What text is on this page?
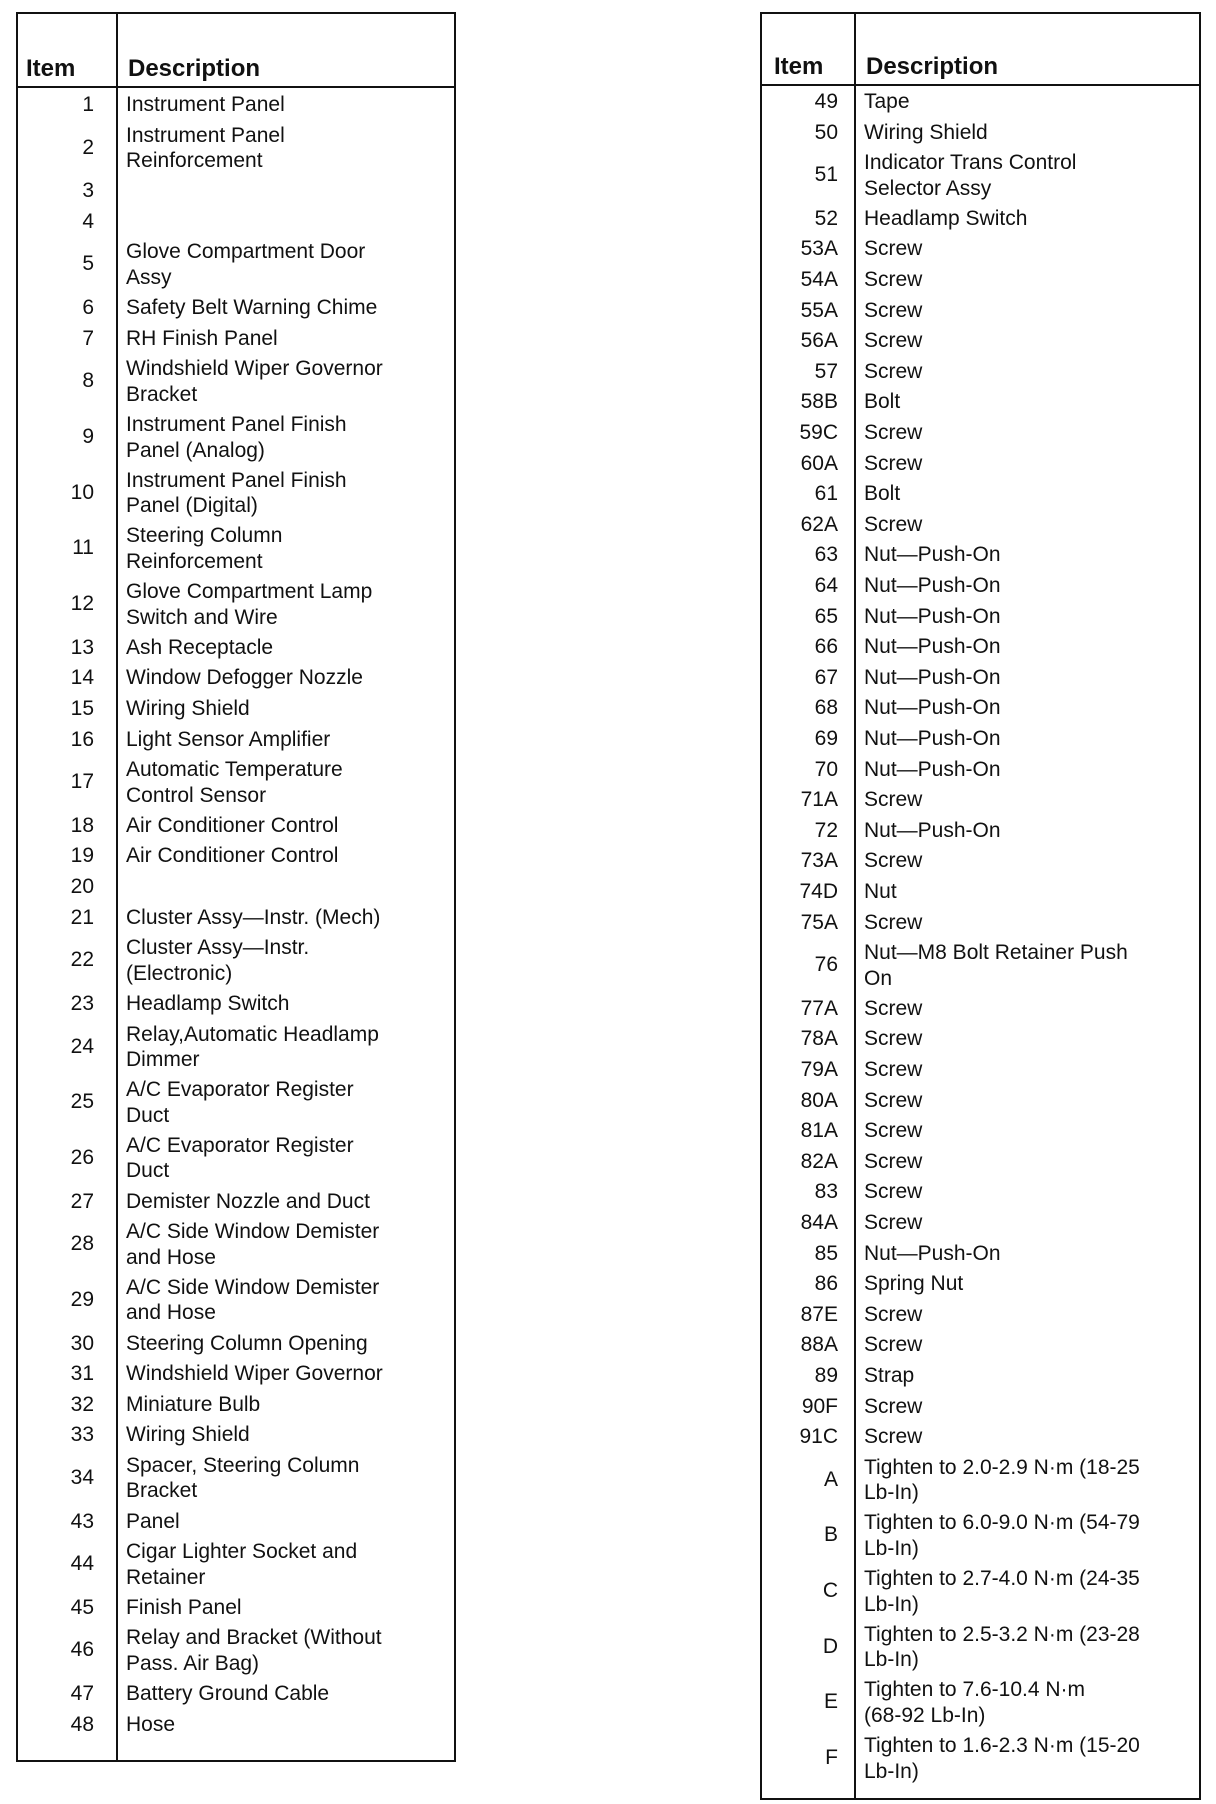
Item Description
1 Instrument Panel
2
Instrument Panel
Reinforcement
3
4
5
Glove Compartment Door
Assy
6 Safety Belt Warning Chime
7 RH Finish Panel
8
Windshield Wiper Governor
Bracket
9
Instrument Panel Finish
Panel (Analog)
10
Instrument Panel Finish
Panel (Digital)
11
Steering Column
Reinforcement
12
Glove Compartment Lamp
Switch and Wire
13 Ash Receptacle
14 Window Defogger Nozzle
15 Wiring Shield
16 Light Sensor Amplifier
17
Automatic Temperature
Control Sensor
18 Air Conditioner Control
19 Air Conditioner Control
20
21 Cluster Assy—Instr. (Mech)
22
Cluster Assy—Instr.
(Electronic)
23 Headlamp Switch
24
Relay,Automatic Headlamp
Dimmer
25
A/C Evaporator Register
Duct
26
A/C Evaporator Register
Duct
27 Demister Nozzle and Duct
28
A/C Side Window Demister
and Hose
29
A/C Side Window Demister
and Hose
30 Steering Column Opening
31 Windshield Wiper Governor
32 Miniature Bulb
33 Wiring Shield
34
Spacer, Steering Column
Bracket
43 Panel
44
Cigar Lighter Socket and
Retainer
45 Finish Panel
46
Relay and Bracket (Without
Pass. Air Bag)
47 Battery Ground Cable
48 Hose
Item Description
49 Tape
50 Wiring Shield
51
Indicator Trans Control
Selector Assy
52 Headlamp Switch
53A Screw
54A Screw
55A Screw
56A Screw
57 Screw
58B Bolt
59C Screw
60A Screw
61 Bolt
62A Screw
63 Nut—Push-On
64 Nut—Push-On
65 Nut—Push-On
66 Nut—Push-On
67 Nut—Push-On
68 Nut—Push-On
69 Nut—Push-On
70 Nut—Push-On
71A Screw
72 Nut—Push-On
73A Screw
74D Nut
75A Screw
76
Nut—M8 Bolt Retainer Push
On
77A Screw
78A Screw
79A Screw
80A Screw
81A Screw
82A Screw
83 Screw
84A Screw
85 Nut—Push-On
86 Spring Nut
87E Screw
88A Screw
89 Strap
90F Screw
91C Screw
A
Tighten to 2.0-2.9 N·m (18-25
Lb-In)
B
Tighten to 6.0-9.0 N·m (54-79
Lb-In)
C
Tighten to 2.7-4.0 N·m (24-35
Lb-In)
D
Tighten to 2.5-3.2 N·m (23-28
Lb-In)
E
Tighten to 7.6-10.4 N·m
(68-92 Lb-In)
F
Tighten to 1.6-2.3 N·m (15-20
Lb-In)
